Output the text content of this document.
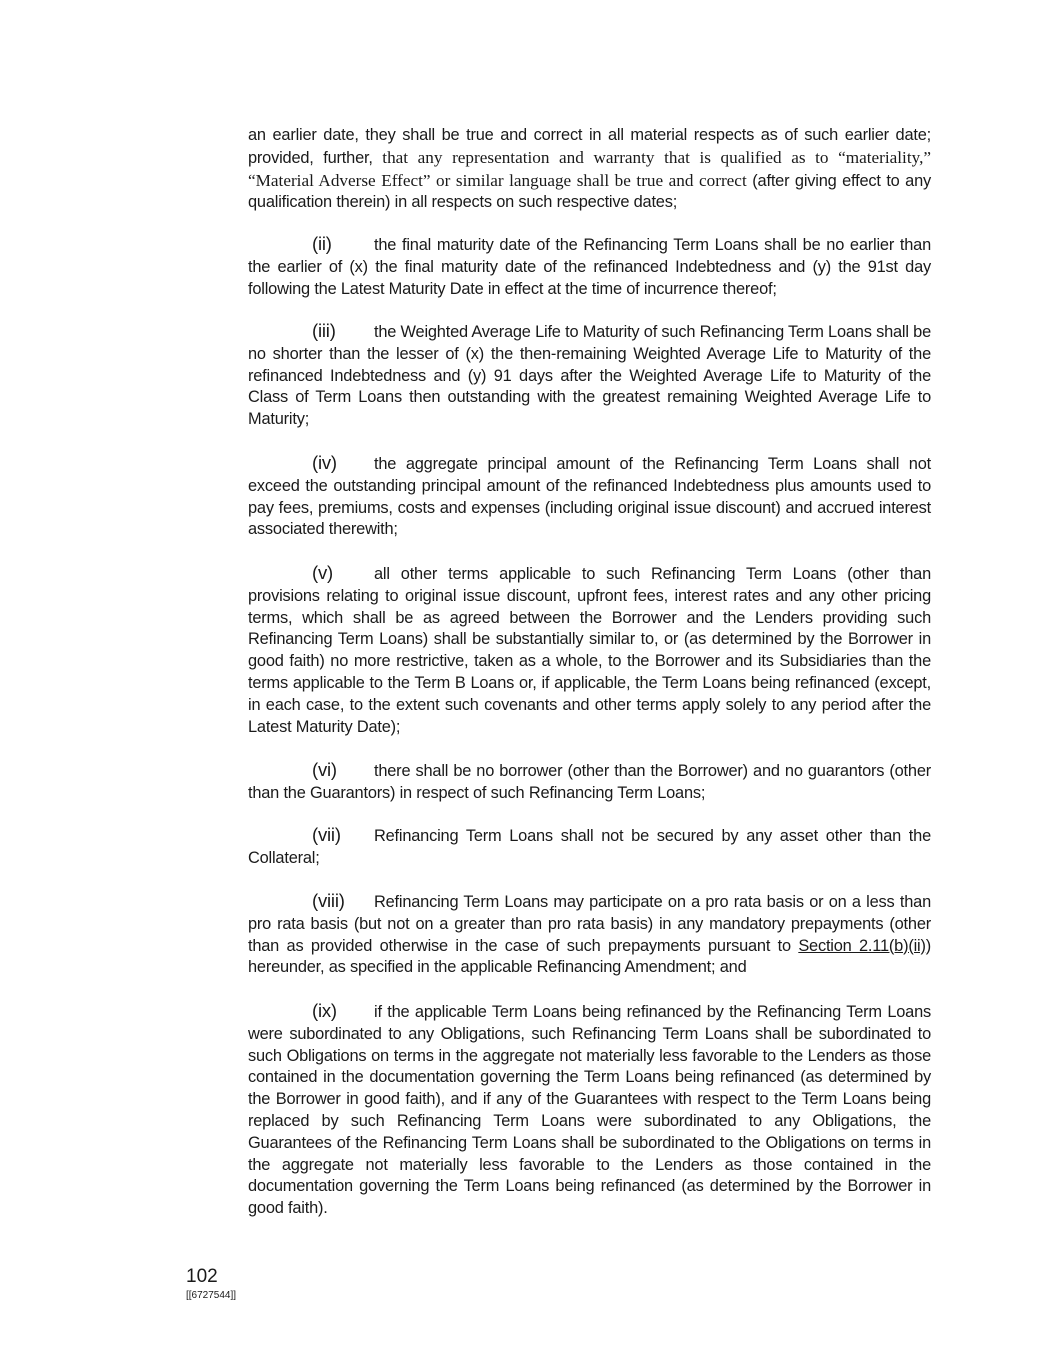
an earlier date, they shall be true and correct in all material respects as of such earlier date; provided, further, that any representation and warranty that is qualified as to “materiality,” “Material Adverse Effect” or similar language shall be true and correct (after giving effect to any qualification therein) in all respects on such respective dates;
(ii)	the final maturity date of the Refinancing Term Loans shall be no earlier than the earlier of (x) the final maturity date of the refinanced Indebtedness and (y) the 91st day following the Latest Maturity Date in effect at the time of incurrence thereof;
(iii) the Weighted Average Life to Maturity of such Refinancing Term Loans shall be no shorter than the lesser of (x) the then-remaining Weighted Average Life to Maturity of the refinanced Indebtedness and (y) 91 days after the Weighted Average Life to Maturity of the Class of Term Loans then outstanding with the greatest remaining Weighted Average Life to Maturity;
(iv) the aggregate principal amount of the Refinancing Term Loans shall not exceed the outstanding principal amount of the refinanced Indebtedness plus amounts used to pay fees, premiums, costs and expenses (including original issue discount) and accrued interest associated therewith;
(v)	all other terms applicable to such Refinancing Term Loans (other than provisions relating to original issue discount, upfront fees, interest rates and any other pricing terms, which shall be as agreed between the Borrower and the Lenders providing such Refinancing Term Loans) shall be substantially similar to, or (as determined by the Borrower in good faith) no more restrictive, taken as a whole, to the Borrower and its Subsidiaries than the terms applicable to the Term B Loans or, if applicable, the Term Loans being refinanced (except, in each case, to the extent such covenants and other terms apply solely to any period after the Latest Maturity Date);
(vi) there shall be no borrower (other than the Borrower) and no guarantors (other than the Guarantors) in respect of such Refinancing Term Loans;
(vii) Refinancing Term Loans shall not be secured by any asset other than the Collateral;
(viii) Refinancing Term Loans may participate on a pro rata basis or on a less than pro rata basis (but not on a greater than pro rata basis) in any mandatory prepayments (other than as provided otherwise in the case of such prepayments pursuant to Section 2.11(b)(ii)) hereunder, as specified in the applicable Refinancing Amendment; and
(ix) if the applicable Term Loans being refinanced by the Refinancing Term Loans were subordinated to any Obligations, such Refinancing Term Loans shall be subordinated to such Obligations on terms in the aggregate not materially less favorable to the Lenders as those contained in the documentation governing the Term Loans being refinanced (as determined by the Borrower in good faith), and if any of the Guarantees with respect to the Term Loans being replaced by such Refinancing Term Loans were subordinated to any Obligations, the Guarantees of the Refinancing Term Loans shall be subordinated to the Obligations on terms in the aggregate not materially less favorable to the Lenders as those contained in the documentation governing the Term Loans being refinanced (as determined by the Borrower in good faith).
102
[[6727544]]
